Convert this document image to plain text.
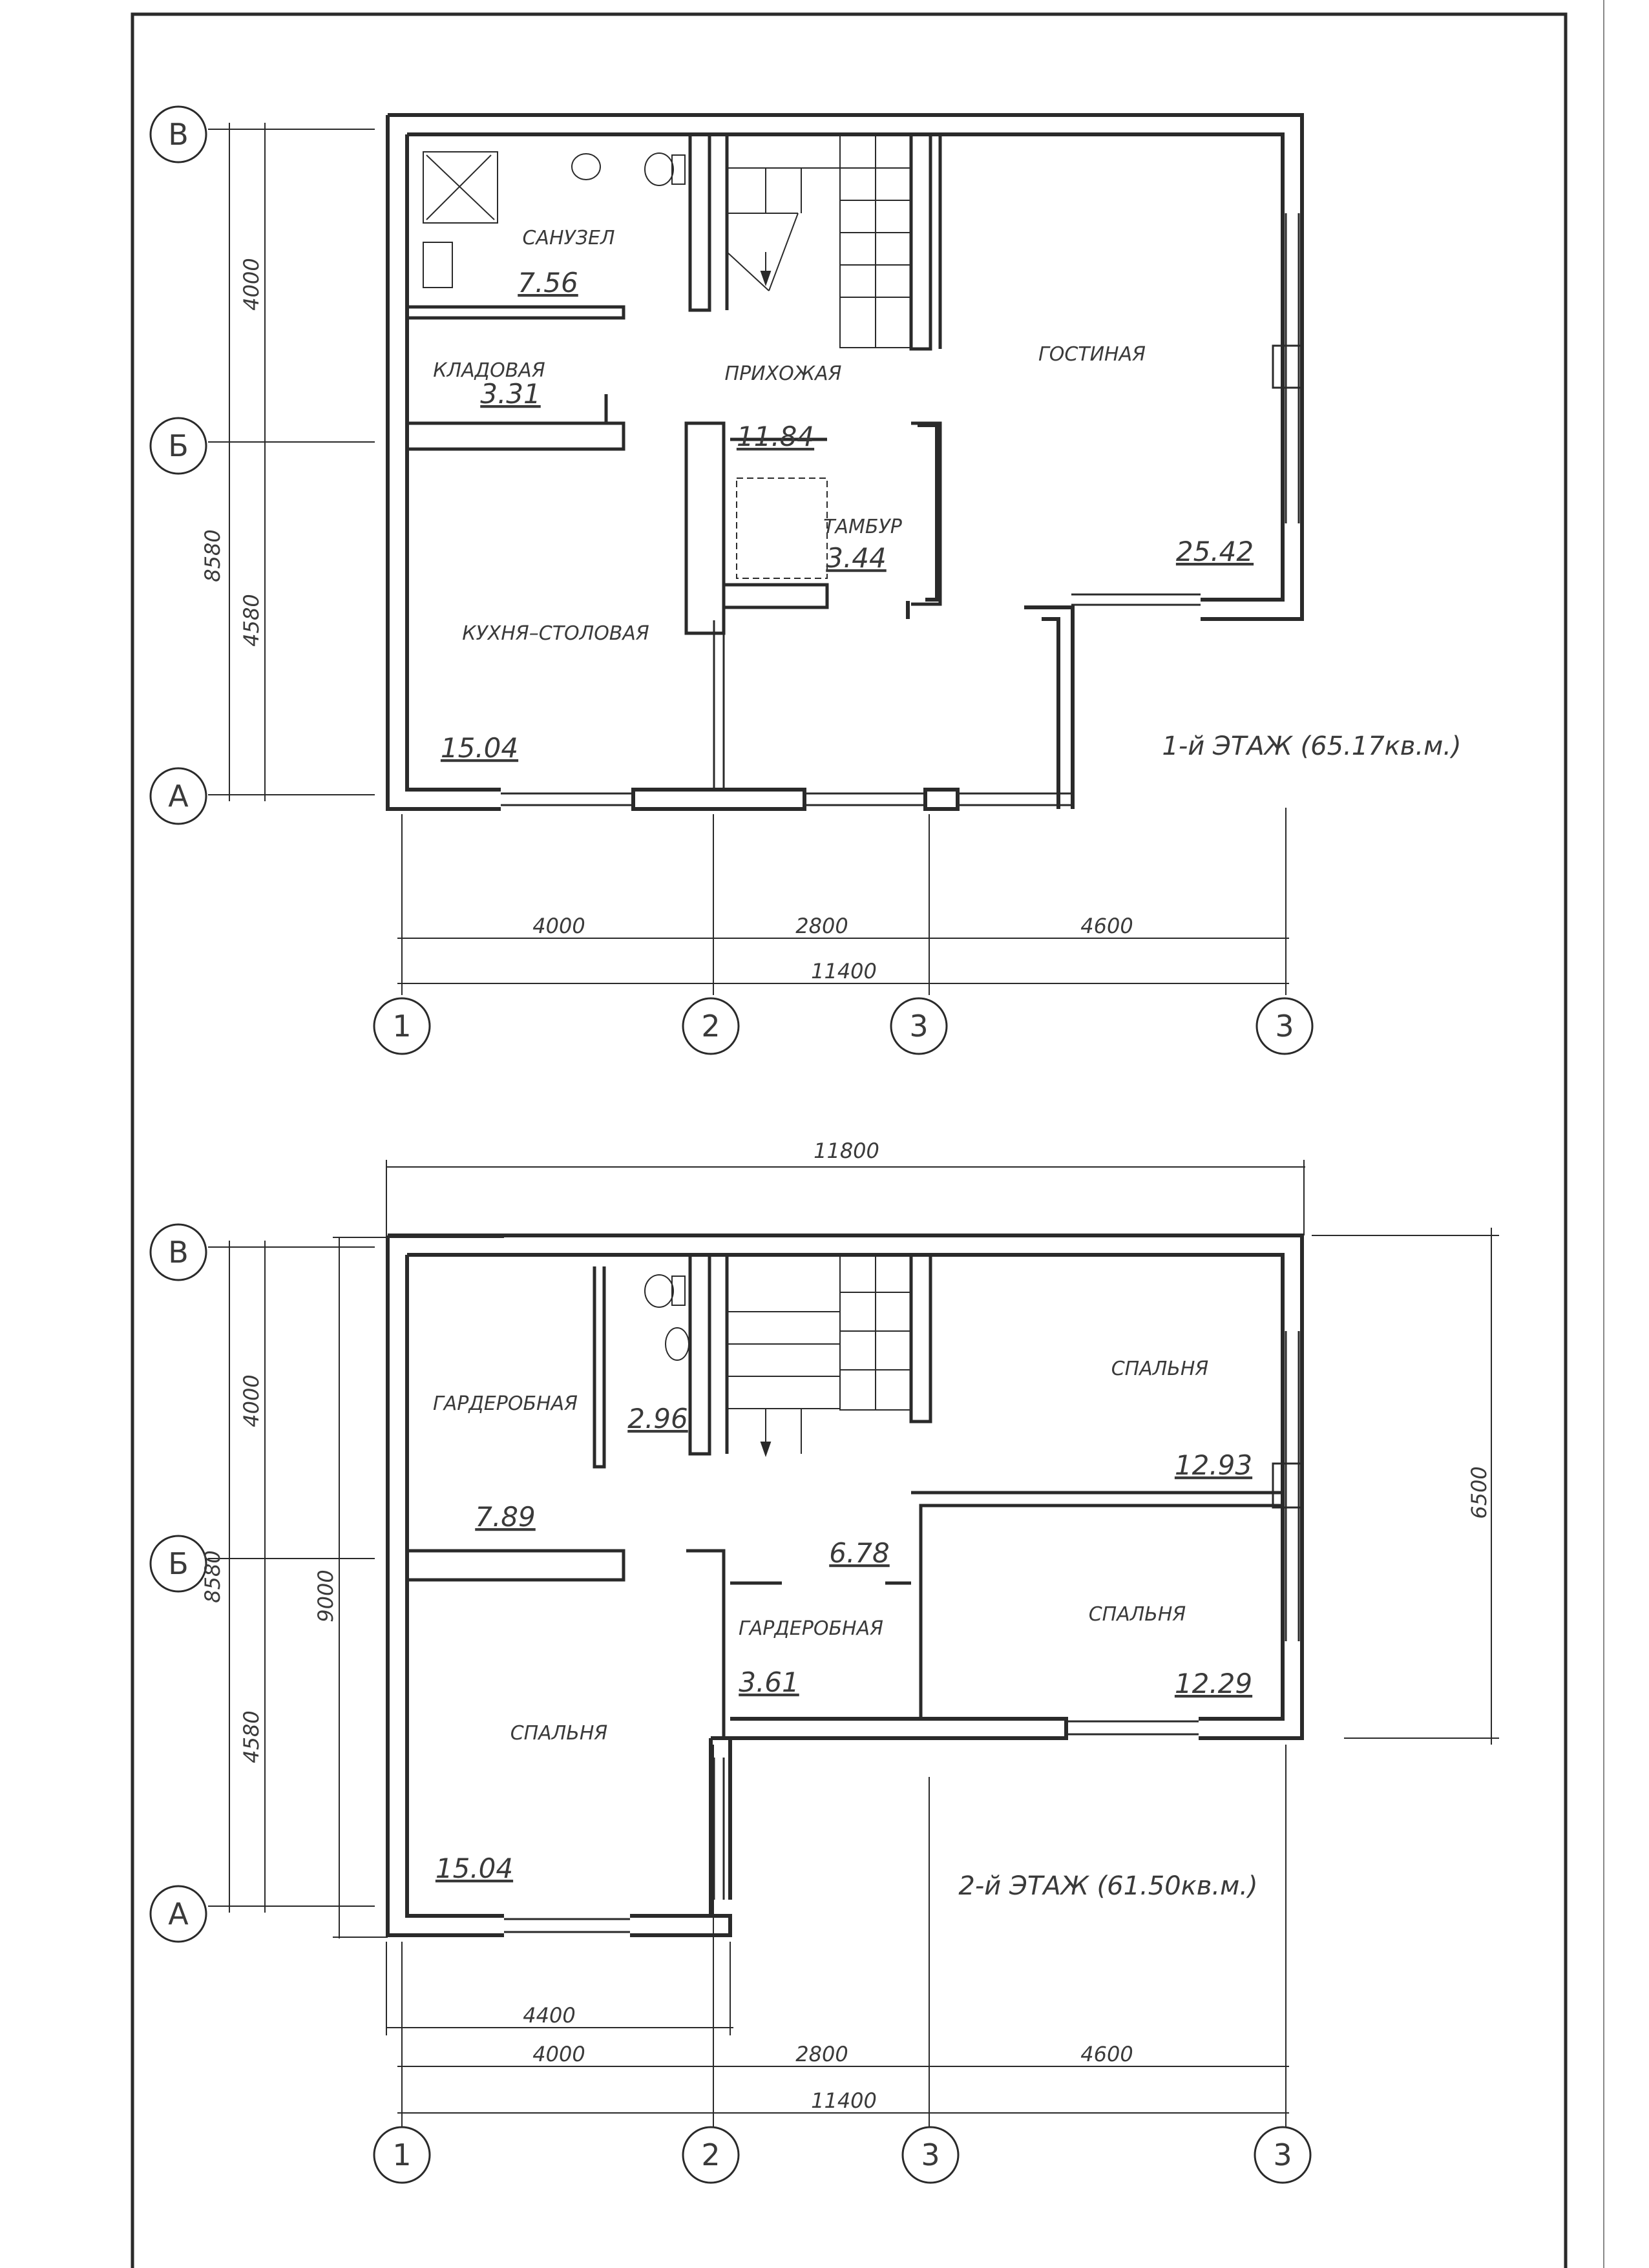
В
Б
А
1	2	3	3
8580
4000
4580
4000	2800	4600
11400
САНУЗЕЛ
7.56
КЛАДОВАЯ
3.31
ПРИХОЖАЯ
11.84
ТАМБУР
3.44
ГОСТИНАЯ
25.42
КУХНЯ–СТОЛОВАЯ
15.04	1-й ЭТАЖ (65.17кв.м.)
В
Б
А
1	2	3	3
11800
6500
9000
8580
4000
4580
4400
4000	2800	4600
11400
ГАРДЕРОБНАЯ
7.89
2.96
6.78
ГАРДЕРОБНАЯ
3.61
СПАЛЬНЯ
12.93
СПАЛЬНЯ
12.29
СПАЛЬНЯ
15.04
2-й ЭТАЖ (61.50кв.м.)
